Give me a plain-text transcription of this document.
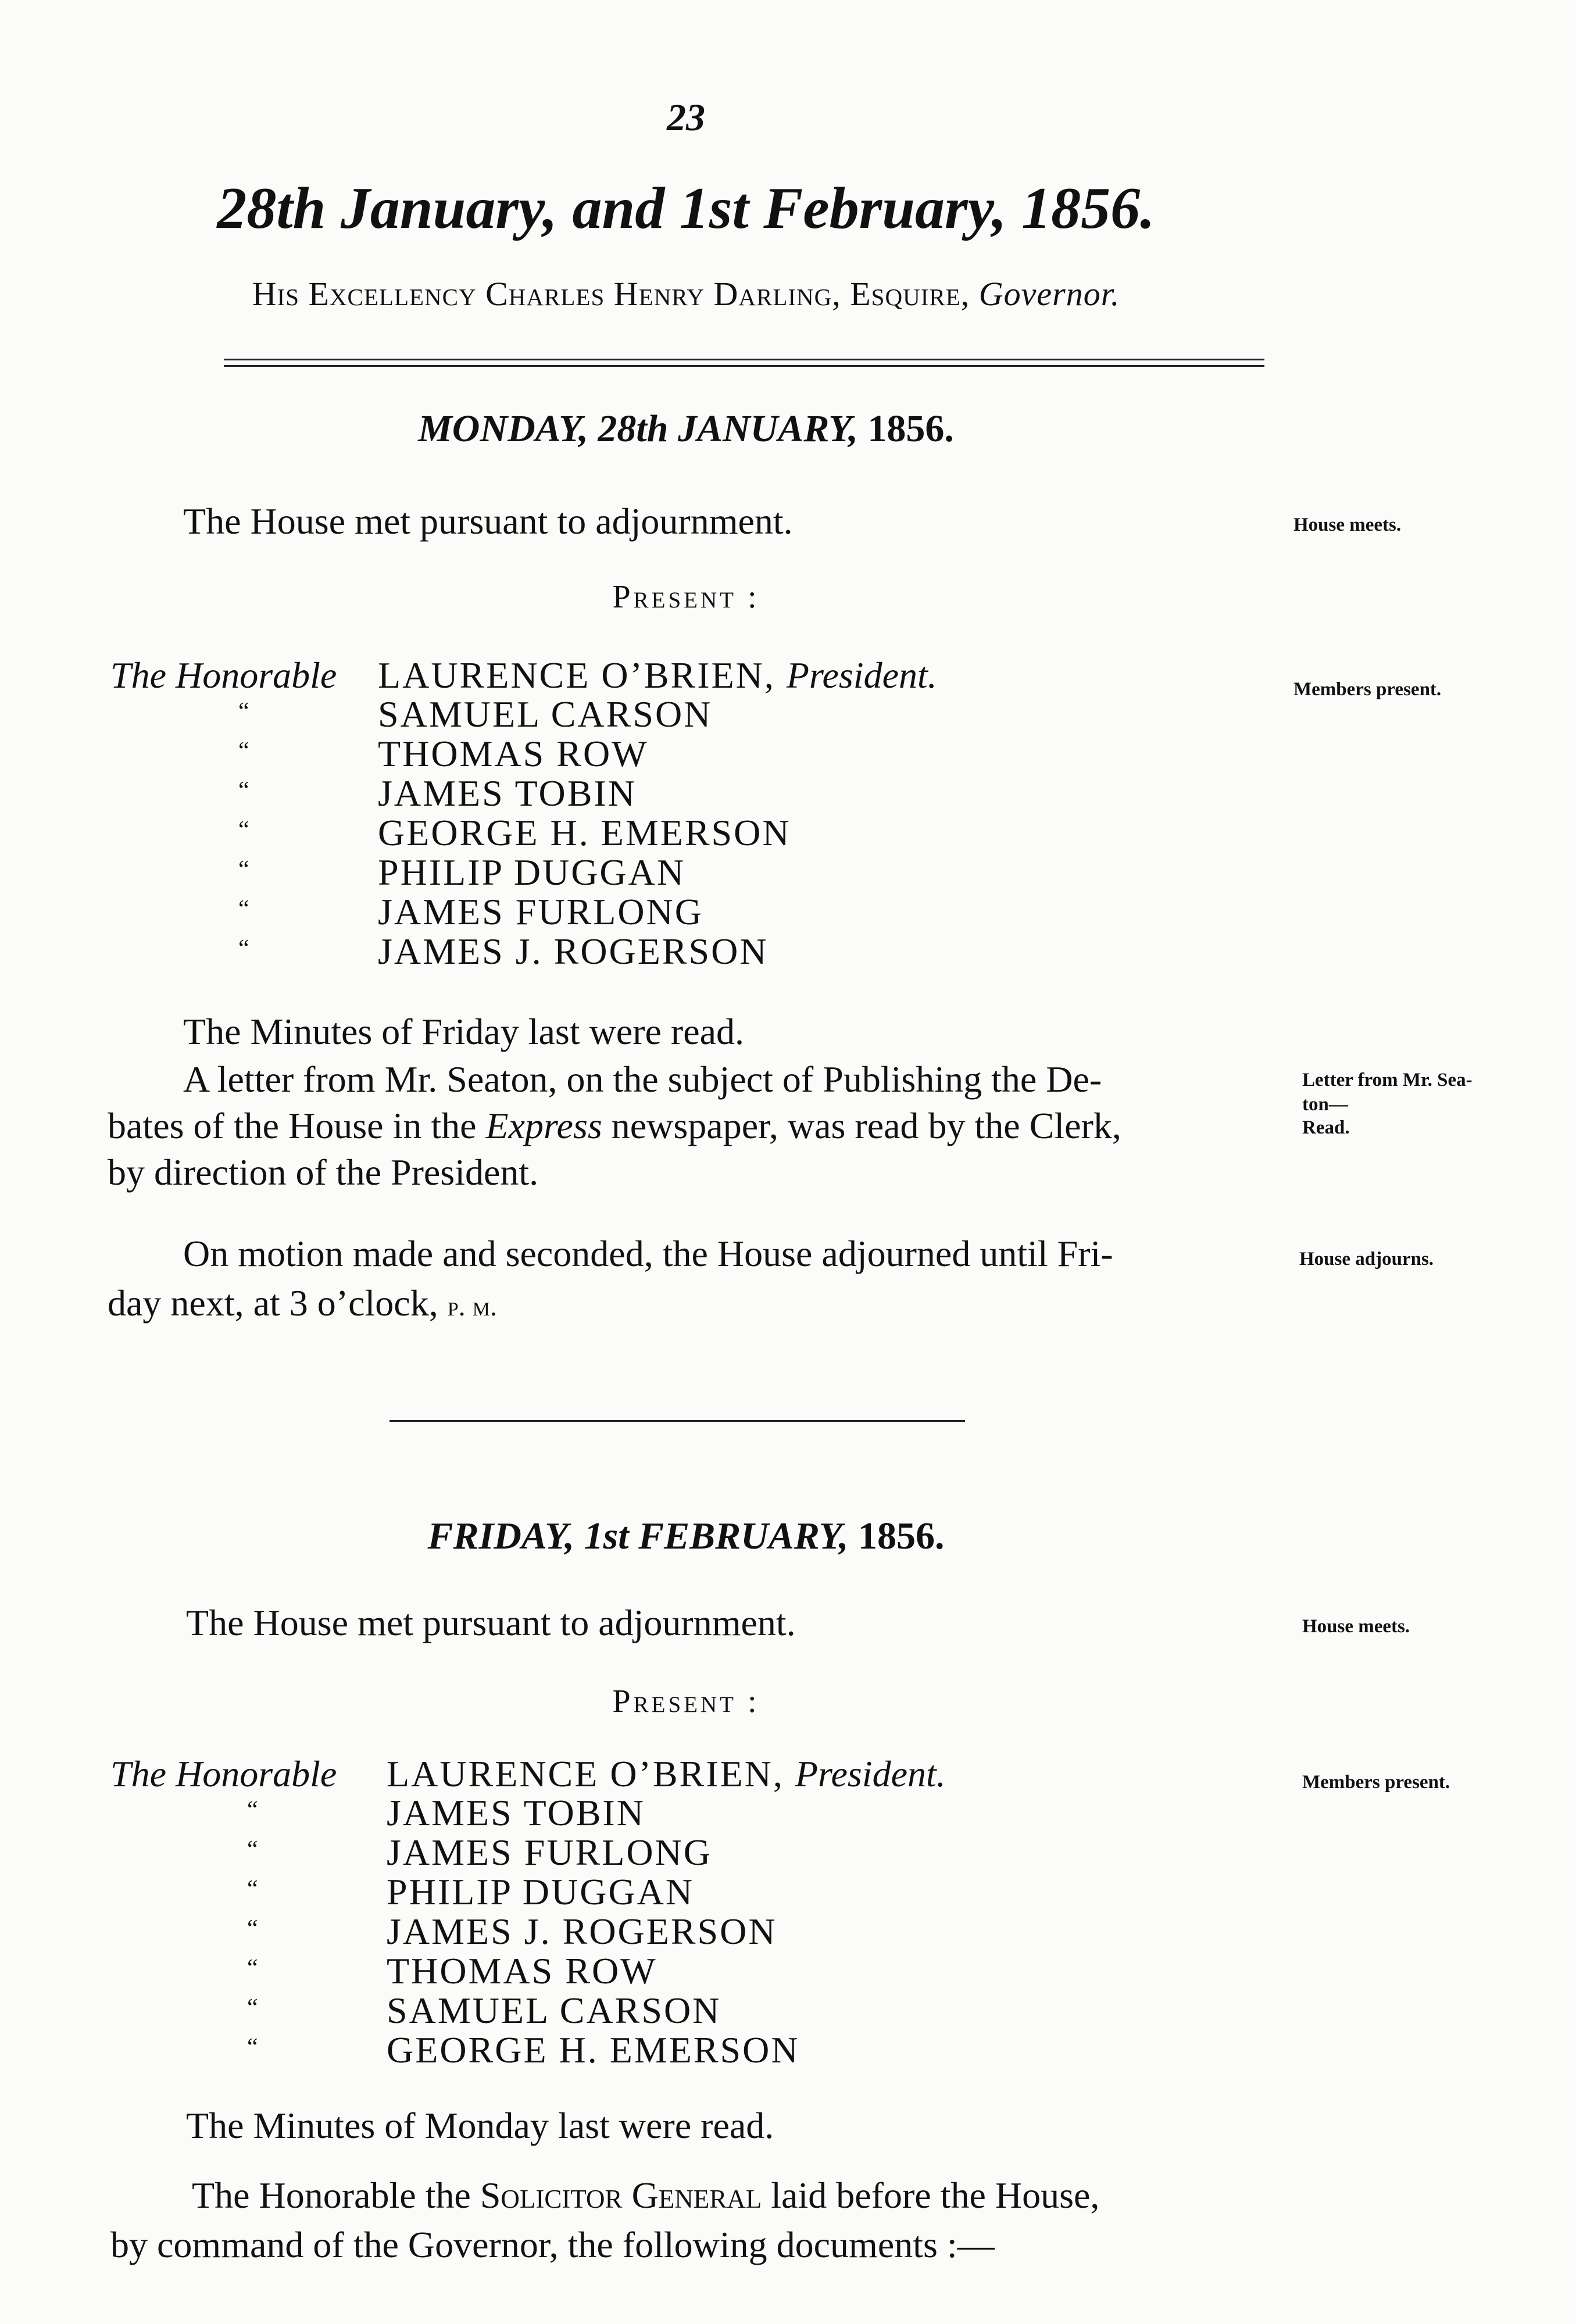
23
28th January, and 1st February, 1856.
His Excellency Charles Henry Darling, Esquire, Governor.
MONDAY, 28th JANUARY, 1856.
The House met pursuant to adjournment.	House meets.
Present :
The Honorable LAURENCE O’BRIEN, President.	Members present.
“	SAMUEL CARSON
“	THOMAS ROW
“	JAMES TOBIN
“	GEORGE H. EMERSON
“	PHILIP DUGGAN
“	JAMES FURLONG
“	JAMES J. ROGERSON
The Minutes of Friday last were read.
A letter from Mr. Seaton, on the subject of Publishing the De-
bates of the House in the Express newspaper, was read by the Clerk,
by direction of the President.
Letter from Mr. Sea-
ton—
Read.
On motion made and seconded, the House adjourned until Fri-
day next, at 3 o’clock, p. m.
House adjourns.
FRIDAY, 1st FEBRUARY, 1856.
The House met pursuant to adjournment.	House meets.
Present :
The Honorable LAURENCE O’BRIEN, President.	Members present.
“	JAMES TOBIN
“	JAMES FURLONG
“	PHILIP DUGGAN
“	JAMES J. ROGERSON
“	THOMAS ROW
“	SAMUEL CARSON
“	GEORGE H. EMERSON
The Minutes of Monday last were read.
The Honorable the Solicitor General laid before the House,
by command of the Governor, the following documents :—
